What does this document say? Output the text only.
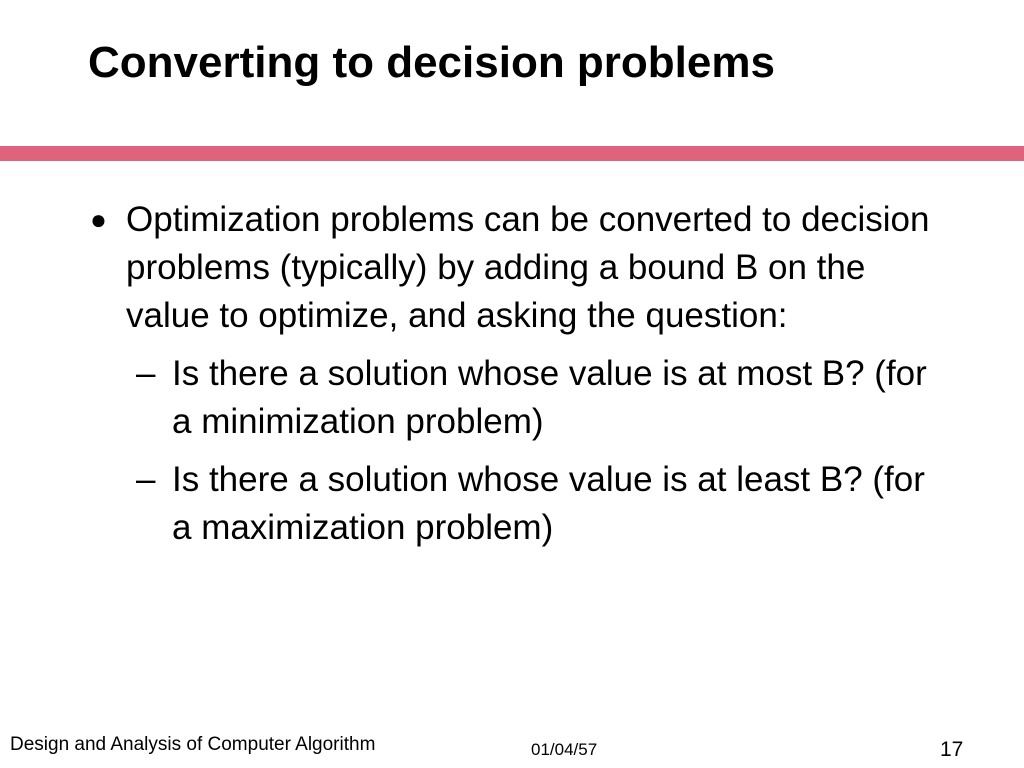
Converting to decision problems
● Optimization problems can be converted to decision problems (typically) by adding a bound B on the value to optimize, and asking the question:
– Is there a solution whose value is at most B? (for a minimization problem)
– Is there a solution whose value is at least B? (for a maximization problem)
Design and Analysis of Computer Algorithm	01/04/57	17
